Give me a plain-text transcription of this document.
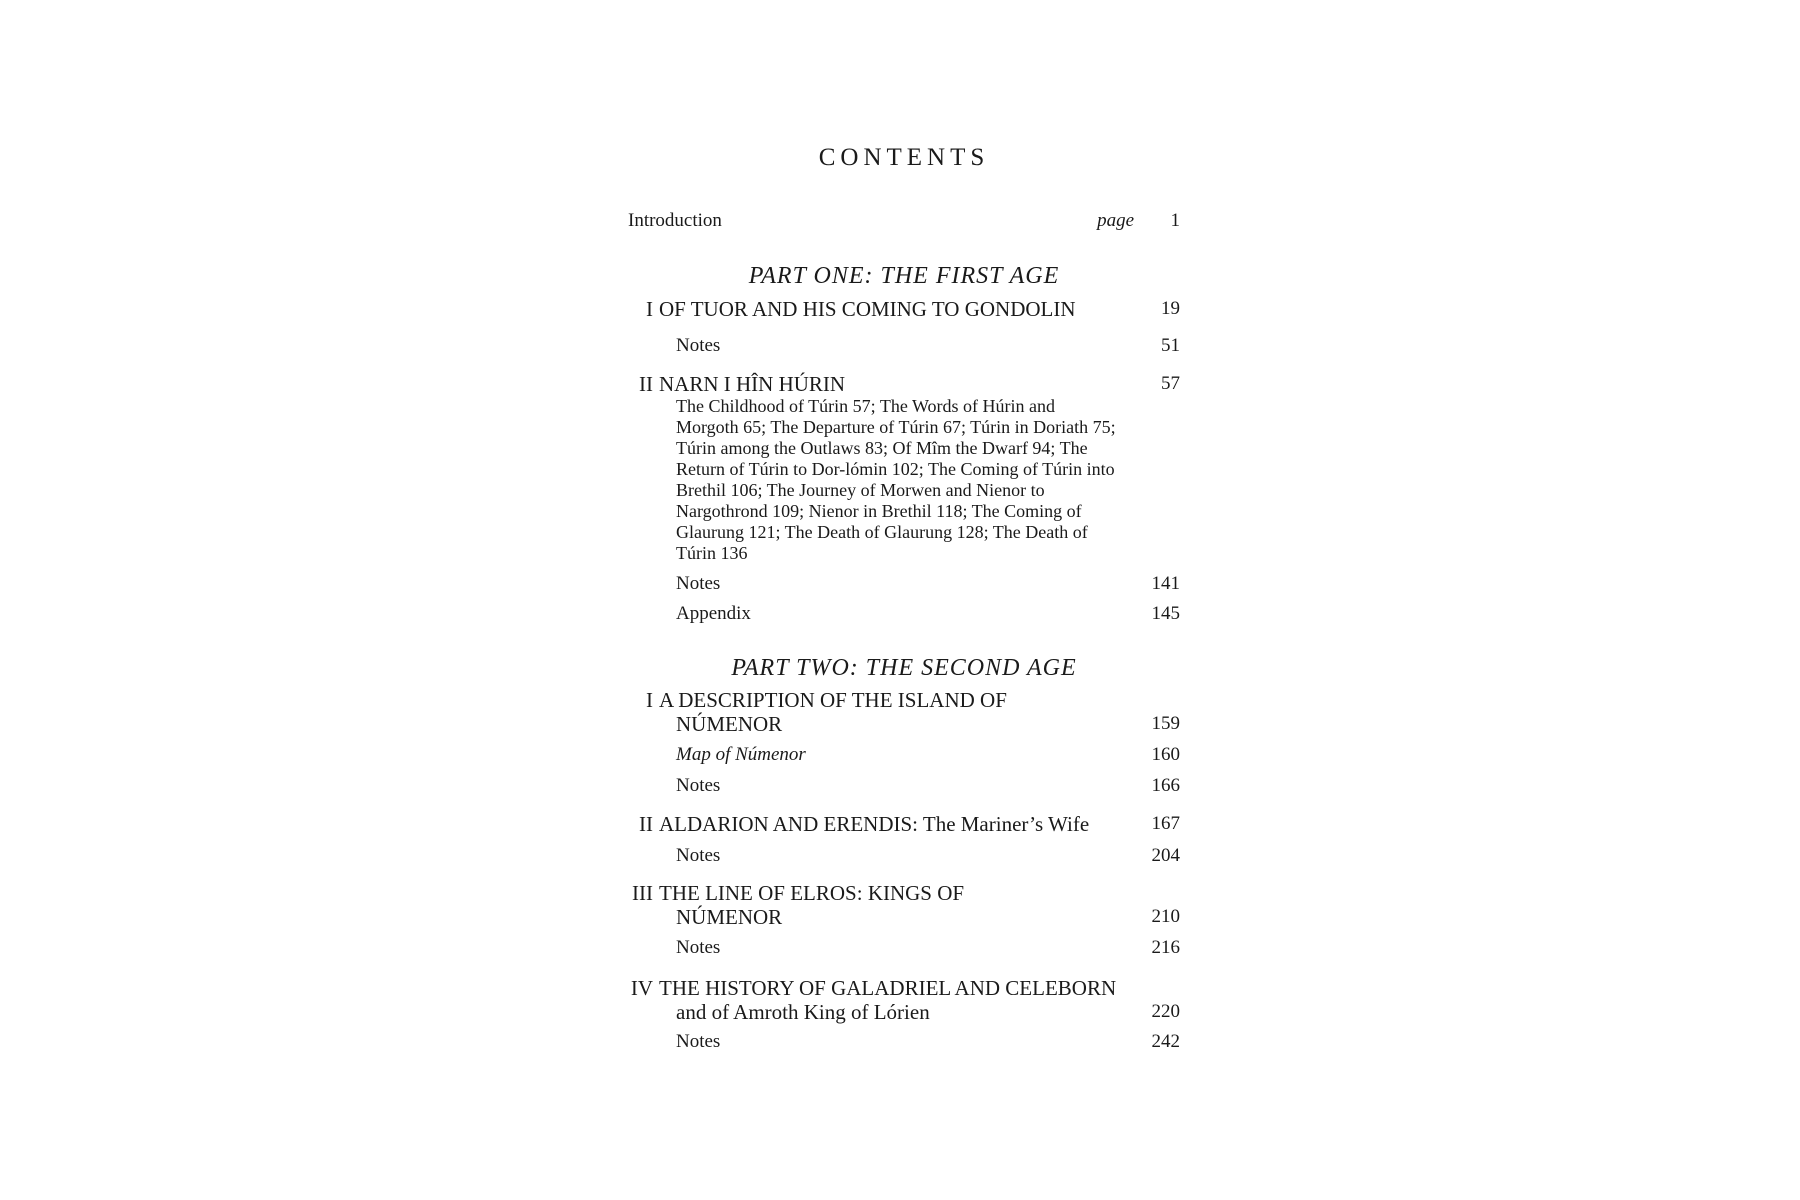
CONTENTS
Introduction	page 1
PART ONE: THE FIRST AGE
I OF TUOR AND HIS COMING TO GONDOLIN	19
Notes	51
II NARN I HÎN HÚRIN	57
The Childhood of Túrin 57; The Words of Húrin and Morgoth 65; The Departure of Túrin 67; Túrin in Doriath 75; Túrin among the Outlaws 83; Of Mîm the Dwarf 94; The Return of Túrin to Dor-lómin 102; The Coming of Túrin into Brethil 106; The Journey of Morwen and Nienor to Nargothrond 109; Nienor in Brethil 118; The Coming of Glaurung 121; The Death of Glaurung 128; The Death of Túrin 136
Notes	141
Appendix	145
PART TWO: THE SECOND AGE
I A DESCRIPTION OF THE ISLAND OF
NÚMENOR	159
Map of Númenor	160
Notes	166
II ALDARION AND ERENDIS: The Mariner’s Wife	167
Notes	204
III THE LINE OF ELROS: KINGS OF
NÚMENOR	210
Notes	216
IV THE HISTORY OF GALADRIEL AND CELEBORN
and of Amroth King of Lórien	220
Notes	242
